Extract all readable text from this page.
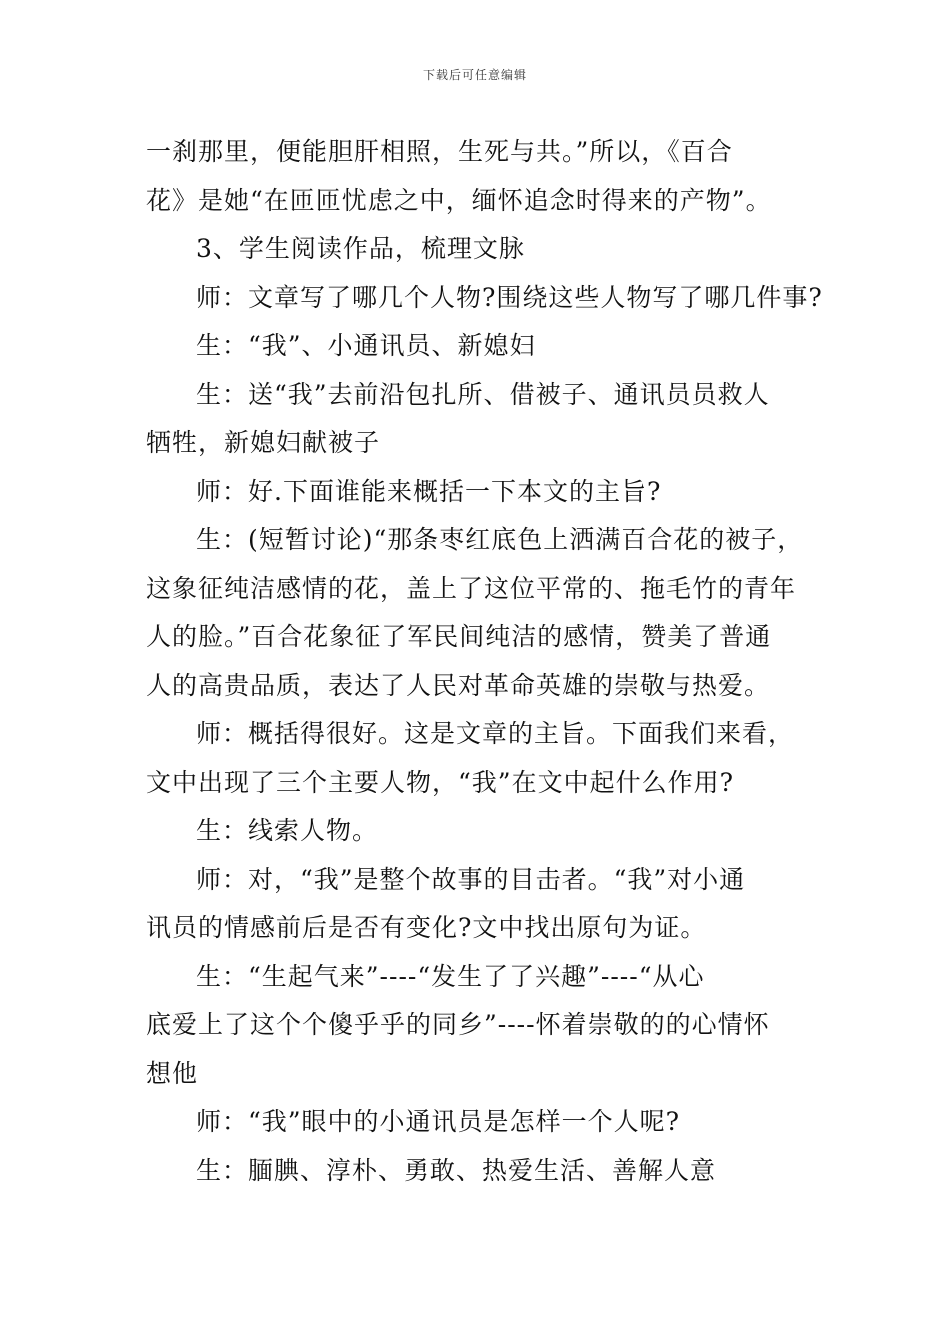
下载后可任意编辑

一刹那里，便能胆肝相照，生死与共。”所以，《百合

花》是她“在匝匝忧虑之中，缅怀追念时得来的产物”。

3、学生阅读作品，梳理文脉

师：文章写了哪几个人物?围绕这些人物写了哪几件事?

生：“我”、小通讯员、新媳妇

生：送“我”去前沿包扎所、借被子、通讯员员救人

牺牲，新媳妇献被子

师：好.下面谁能来概括一下本文的主旨?

生：(短暂讨论)“那条枣红底色上洒满百合花的被子，

这象征纯洁感情的花，盖上了这位平常的、拖毛竹的青年

人的脸。”百合花象征了军民间纯洁的感情，赞美了普通

人的高贵品质，表达了人民对革命英雄的崇敬与热爱。

师：概括得很好。这是文章的主旨。下面我们来看，

文中出现了三个主要人物，“我”在文中起什么作用?

生：线索人物。

师：对，“我”是整个故事的目击者。“我”对小通

讯员的情感前后是否有变化?文中找出原句为证。

生：“生起气来”----“发生了了兴趣”----“从心

底爱上了这个个傻乎乎的同乡”----怀着崇敬的的心情怀

想他

师：“我”眼中的小通讯员是怎样一个人呢?

生：腼腆、淳朴、勇敢、热爱生活、善解人意
